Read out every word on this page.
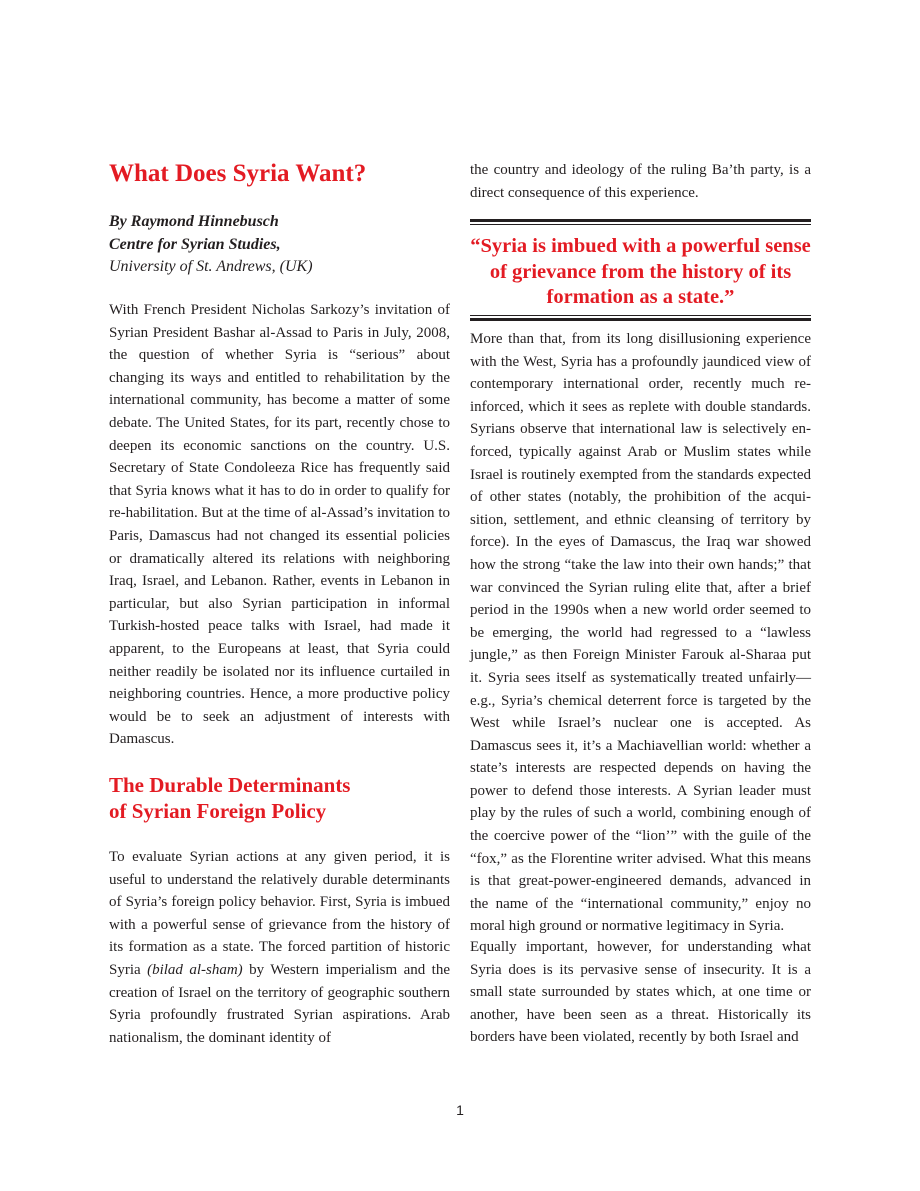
What Does Syria Want?
By Raymond Hinnebusch
Centre for Syrian Studies,
University of St. Andrews, (UK)

With French President Nicholas Sarkozy’s invitation of Syrian President Bashar al-Assad to Paris in July, 2008, the question of whether Syria is “serious” about changing its ways and entitled to rehabilitation by the international community, has become a matter of some debate. The United States, for its part, recently chose to deepen its economic sanctions on the country. U.S. Secretary of State Condoleeza Rice has frequently said that Syria knows what it has to do in order to qualify for re-habilitation. But at the time of al-Assad’s invitation to Paris, Damascus had not changed its essential policies or dramatically altered its relations with neighboring Iraq, Israel, and Lebanon. Rather, events in Lebanon in particular, but also Syrian participation in informal Turkish-hosted peace talks with Israel, had made it apparent, to the Europeans at least, that Syria could neither readily be isolated nor its influence curtailed in neighboring countries. Hence, a more productive policy would be to seek an adjustment of interests with Damascus.

The Durable Determinants
of Syrian Foreign Policy

To evaluate Syrian actions at any given period, it is useful to understand the relatively durable determinants of Syria’s foreign policy behavior. First, Syria is imbued with a powerful sense of grievance from the history of its formation as a state. The forced partition of historic Syria (bilad al-sham) by Western imperialism and the creation of Israel on the territory of geographic southern Syria profoundly frustrated Syrian aspirations. Arab nationalism, the dominant identity of

the country and ideology of the ruling Ba’th party, is a direct consequence of this experience.

“Syria is imbued with a powerful sense of grievance from the history of its formation as a state.”

More than that, from its long disillusioning experience with the West, Syria has a profoundly jaundiced view of contemporary international order, recently much reinforced, which it sees as replete with double standards. Syrians observe that international law is selectively enforced, typically against Arab or Muslim states while Israel is routinely exempted from the standards expected of other states (notably, the prohibition of the acquisition, settlement, and ethnic cleansing of territory by force). In the eyes of Damascus, the Iraq war showed how the strong “take the law into their own hands;” that war convinced the Syrian ruling elite that, after a brief period in the 1990s when a new world order seemed to be emerging, the world had regressed to a “lawless jungle,” as then Foreign Minister Farouk al-Sharaa put it. Syria sees itself as systematically treated unfairly—e.g., Syria’s chemical deterrent force is targeted by the West while Israel’s nuclear one is accepted. As Damascus sees it, it’s a Machiavellian world: whether a state’s interests are respected depends on having the power to defend those interests. A Syrian leader must play by the rules of such a world, combining enough of the coercive power of the “lion’” with the guile of the “fox,” as the Florentine writer advised. What this means is that great-power-engineered demands, advanced in the name of the “international community,” enjoy no moral high ground or normative legitimacy in Syria.

Equally important, however, for understanding what Syria does is its pervasive sense of insecurity. It is a small state surrounded by states which, at one time or another, have been seen as a threat. Historically its borders have been violated, recently by both Israel and

1
